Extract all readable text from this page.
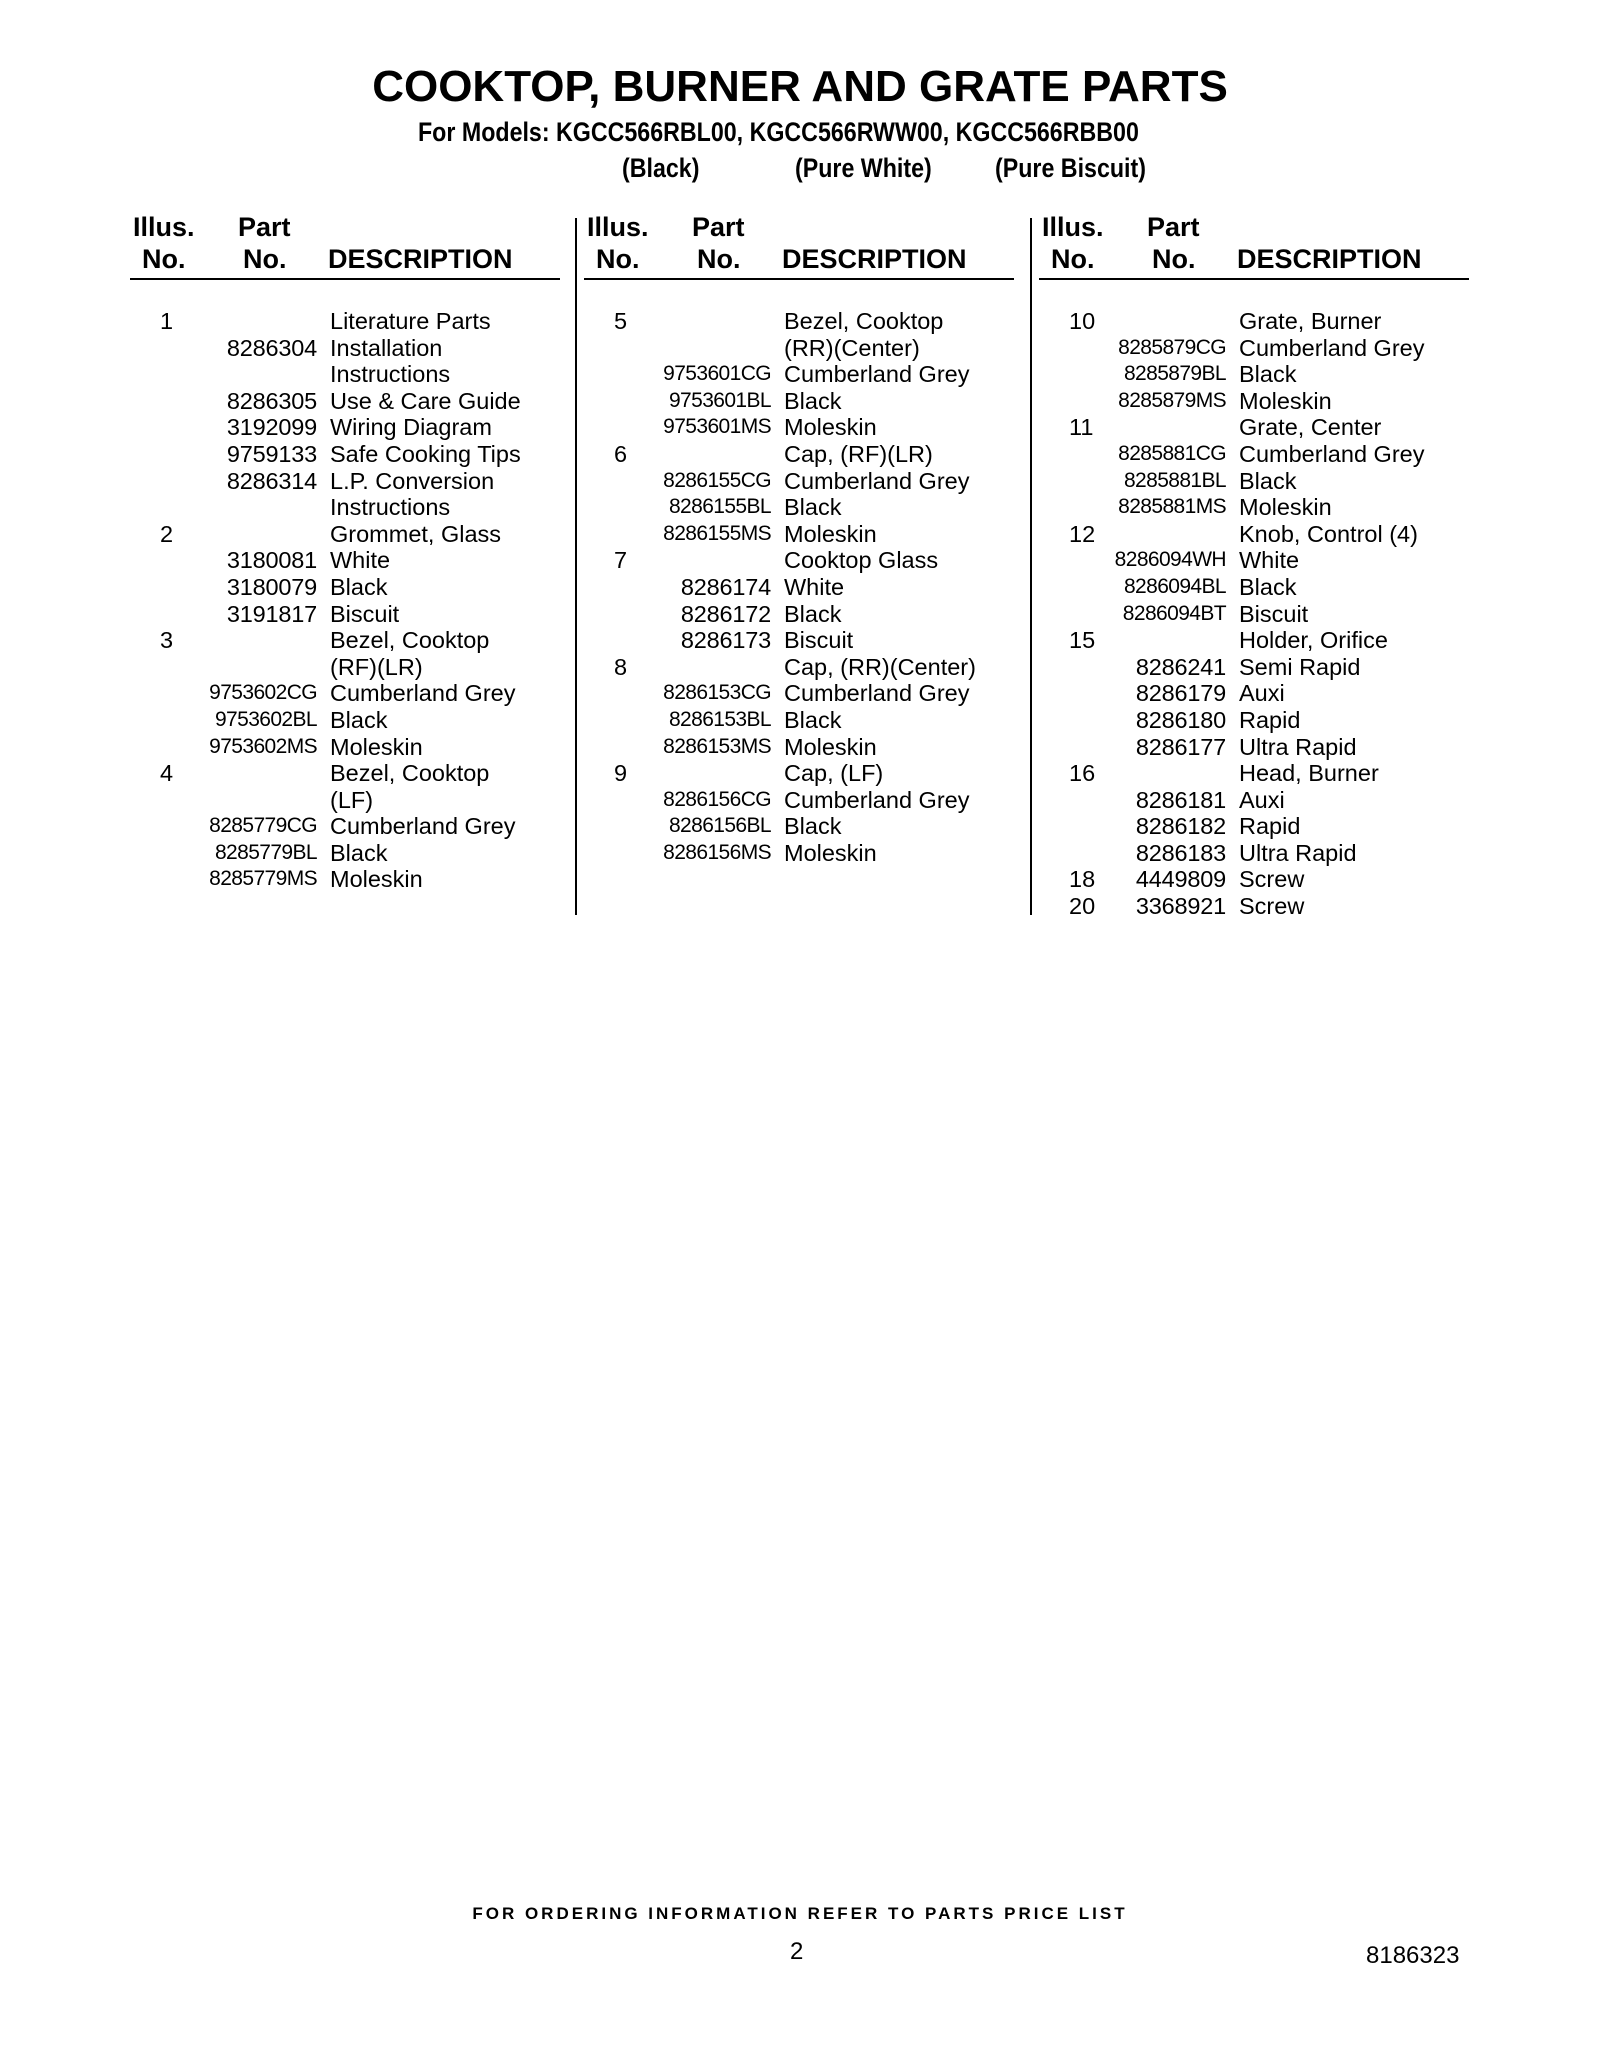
COOKTOP, BURNER AND GRATE PARTS
For Models: KGCC566RBL00, KGCC566RWW00, KGCC566RBB00
(Black)	(Pure White) (Pure Biscuit)
Illus.
No.
Part
No. DESCRIPTION
1	Literature Parts
8286304 Installation
Instructions
8286305 Use & Care Guide
3192099 Wiring Diagram
9759133 Safe Cooking Tips
8286314 L.P. Conversion
Instructions
2	Grommet, Glass
3180081 White
3180079 Black
3191817 Biscuit
3	Bezel, Cooktop
(RF)(LR)
9753602CG Cumberland Grey
9753602BL Black
9753602MS Moleskin
4	Bezel, Cooktop
(LF)
8285779CG Cumberland Grey
8285779BL Black
8285779MS Moleskin
Illus.
No.
Part
No. DESCRIPTION
5	Bezel, Cooktop
(RR)(Center)
9753601CG Cumberland Grey
9753601BL Black
9753601MS Moleskin
6	Cap, (RF)(LR)
8286155CG Cumberland Grey
8286155BL Black
8286155MS Moleskin
7	Cooktop Glass
8286174 White
8286172 Black
8286173 Biscuit
8	Cap, (RR)(Center)
8286153CG Cumberland Grey
8286153BL Black
8286153MS Moleskin
9	Cap, (LF)
8286156CG Cumberland Grey
8286156BL Black
8286156MS Moleskin
Illus.
No.
Part
No. DESCRIPTION
10	Grate, Burner
8285879CG Cumberland Grey
8285879BL Black
8285879MS Moleskin
11	Grate, Center
8285881CG Cumberland Grey
8285881BL Black
8285881MS Moleskin
12	Knob, Control (4)
8286094WH White
8286094BL Black
8286094BT Biscuit
15	Holder, Orifice
8286241 Semi Rapid
8286179 Auxi
8286180 Rapid
8286177 Ultra Rapid
16	Head, Burner
8286181 Auxi
8286182 Rapid
8286183 Ultra Rapid
18 4449809 Screw
20 3368921 Screw
FOR ORDERING INFORMATION REFER TO PARTS PRICE LIST
2	8186323
